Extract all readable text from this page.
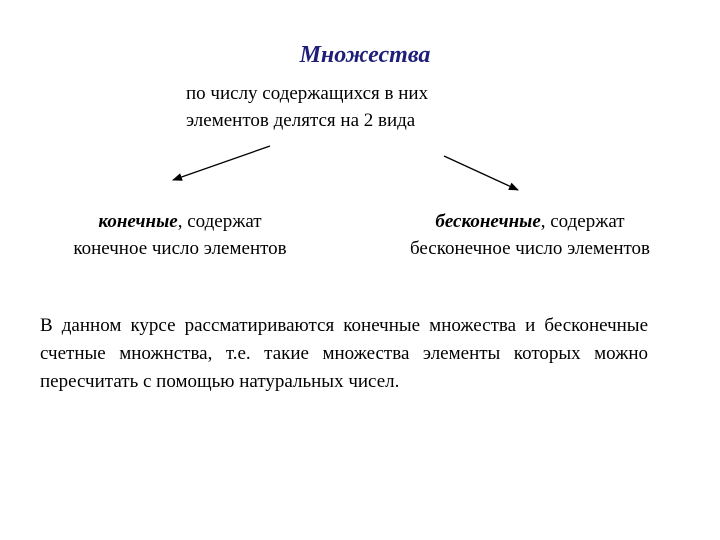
Множества
по числу содержащихся в них
элементов делятся на 2 вида
конечные, содержат
конечное число элементов
бесконечные, содержат
бесконечное число элементов
В данном курсе рассматириваются конечные множества и бесконечные счетные множнства, т.е. такие множества элементы которых можно пересчитать с помощью натуральных чисел.
